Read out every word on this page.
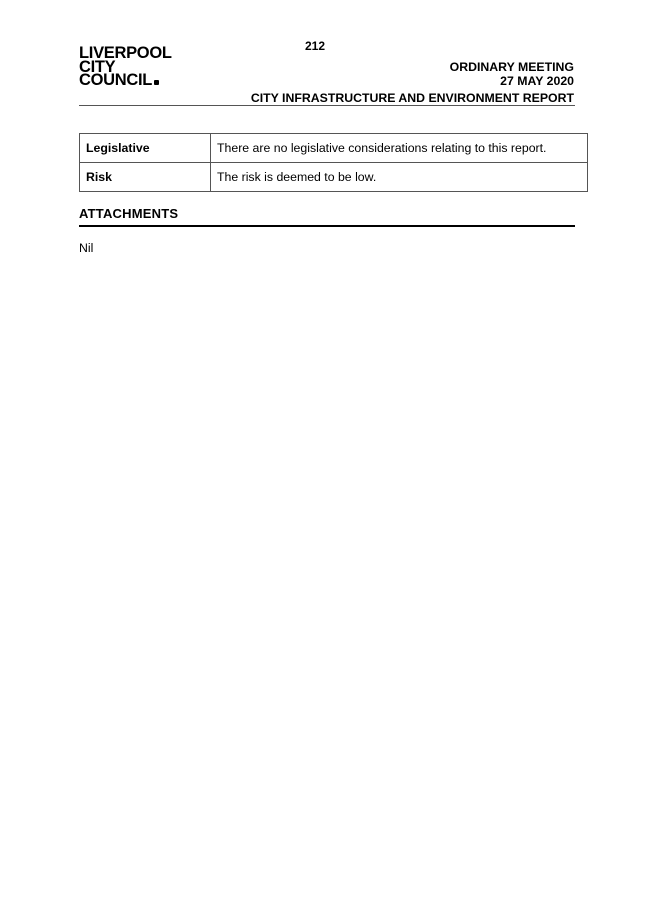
212
LIVERPOOL
CITY
COUNCIL
ORDINARY MEETING
27 MAY 2020
CITY INFRASTRUCTURE AND ENVIRONMENT REPORT
Legislative	There are no legislative considerations relating to this report.
Risk	The risk is deemed to be low.
ATTACHMENTS
Nil
